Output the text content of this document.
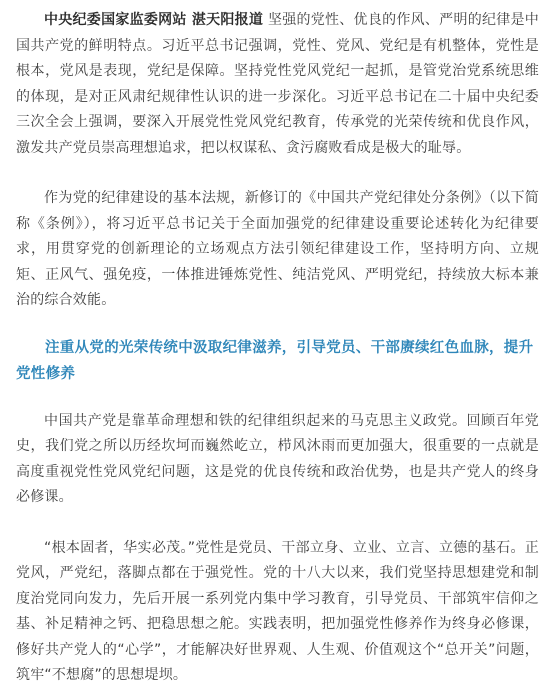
中央纪委国家监委网站 湛天阳报道 坚强的党性、优良的作风、严明的纪律是中国共产党的鲜明特点。习近平总书记强调，党性、党风、党纪是有机整体，党性是根本，党风是表现，党纪是保障。坚持党性党风党纪一起抓，是管党治党系统思维的体现，是对正风肃纪规律性认识的进一步深化。习近平总书记在二十届中央纪委三次全会上强调，要深入开展党性党风党纪教育，传承党的光荣传统和优良作风，激发共产党员崇高理想追求，把以权谋私、贪污腐败看成是极大的耻辱。

作为党的纪律建设的基本法规，新修订的《中国共产党纪律处分条例》（以下简称《条例》），将习近平总书记关于全面加强党的纪律建设重要论述转化为纪律要求，用贯穿党的创新理论的立场观点方法引领纪律建设工作，坚持明方向、立规矩、正风气、强免疫，一体推进锤炼党性、纯洁党风、严明党纪，持续放大标本兼治的综合效能。

注重从党的光荣传统中汲取纪律滋养，引导党员、干部赓续红色血脉，提升党性修养

中国共产党是靠革命理想和铁的纪律组织起来的马克思主义政党。回顾百年党史，我们党之所以历经坎坷而巍然屹立，栉风沐雨而更加强大，很重要的一点就是高度重视党性党风党纪问题，这是党的优良传统和政治优势，也是共产党人的终身必修课。

“根本固者，华实必茂。”党性是党员、干部立身、立业、立言、立德的基石。正党风，严党纪，落脚点都在于强党性。党的十八大以来，我们党坚持思想建党和制度治党同向发力，先后开展一系列党内集中学习教育，引导党员、干部筑牢信仰之基、补足精神之钙、把稳思想之舵。实践表明，把加强党性修养作为终身必修课，修好共产党人的“心学”，才能解决好世界观、人生观、价值观这个“总开关”问题，筑牢“不想腐”的思想堤坝。
